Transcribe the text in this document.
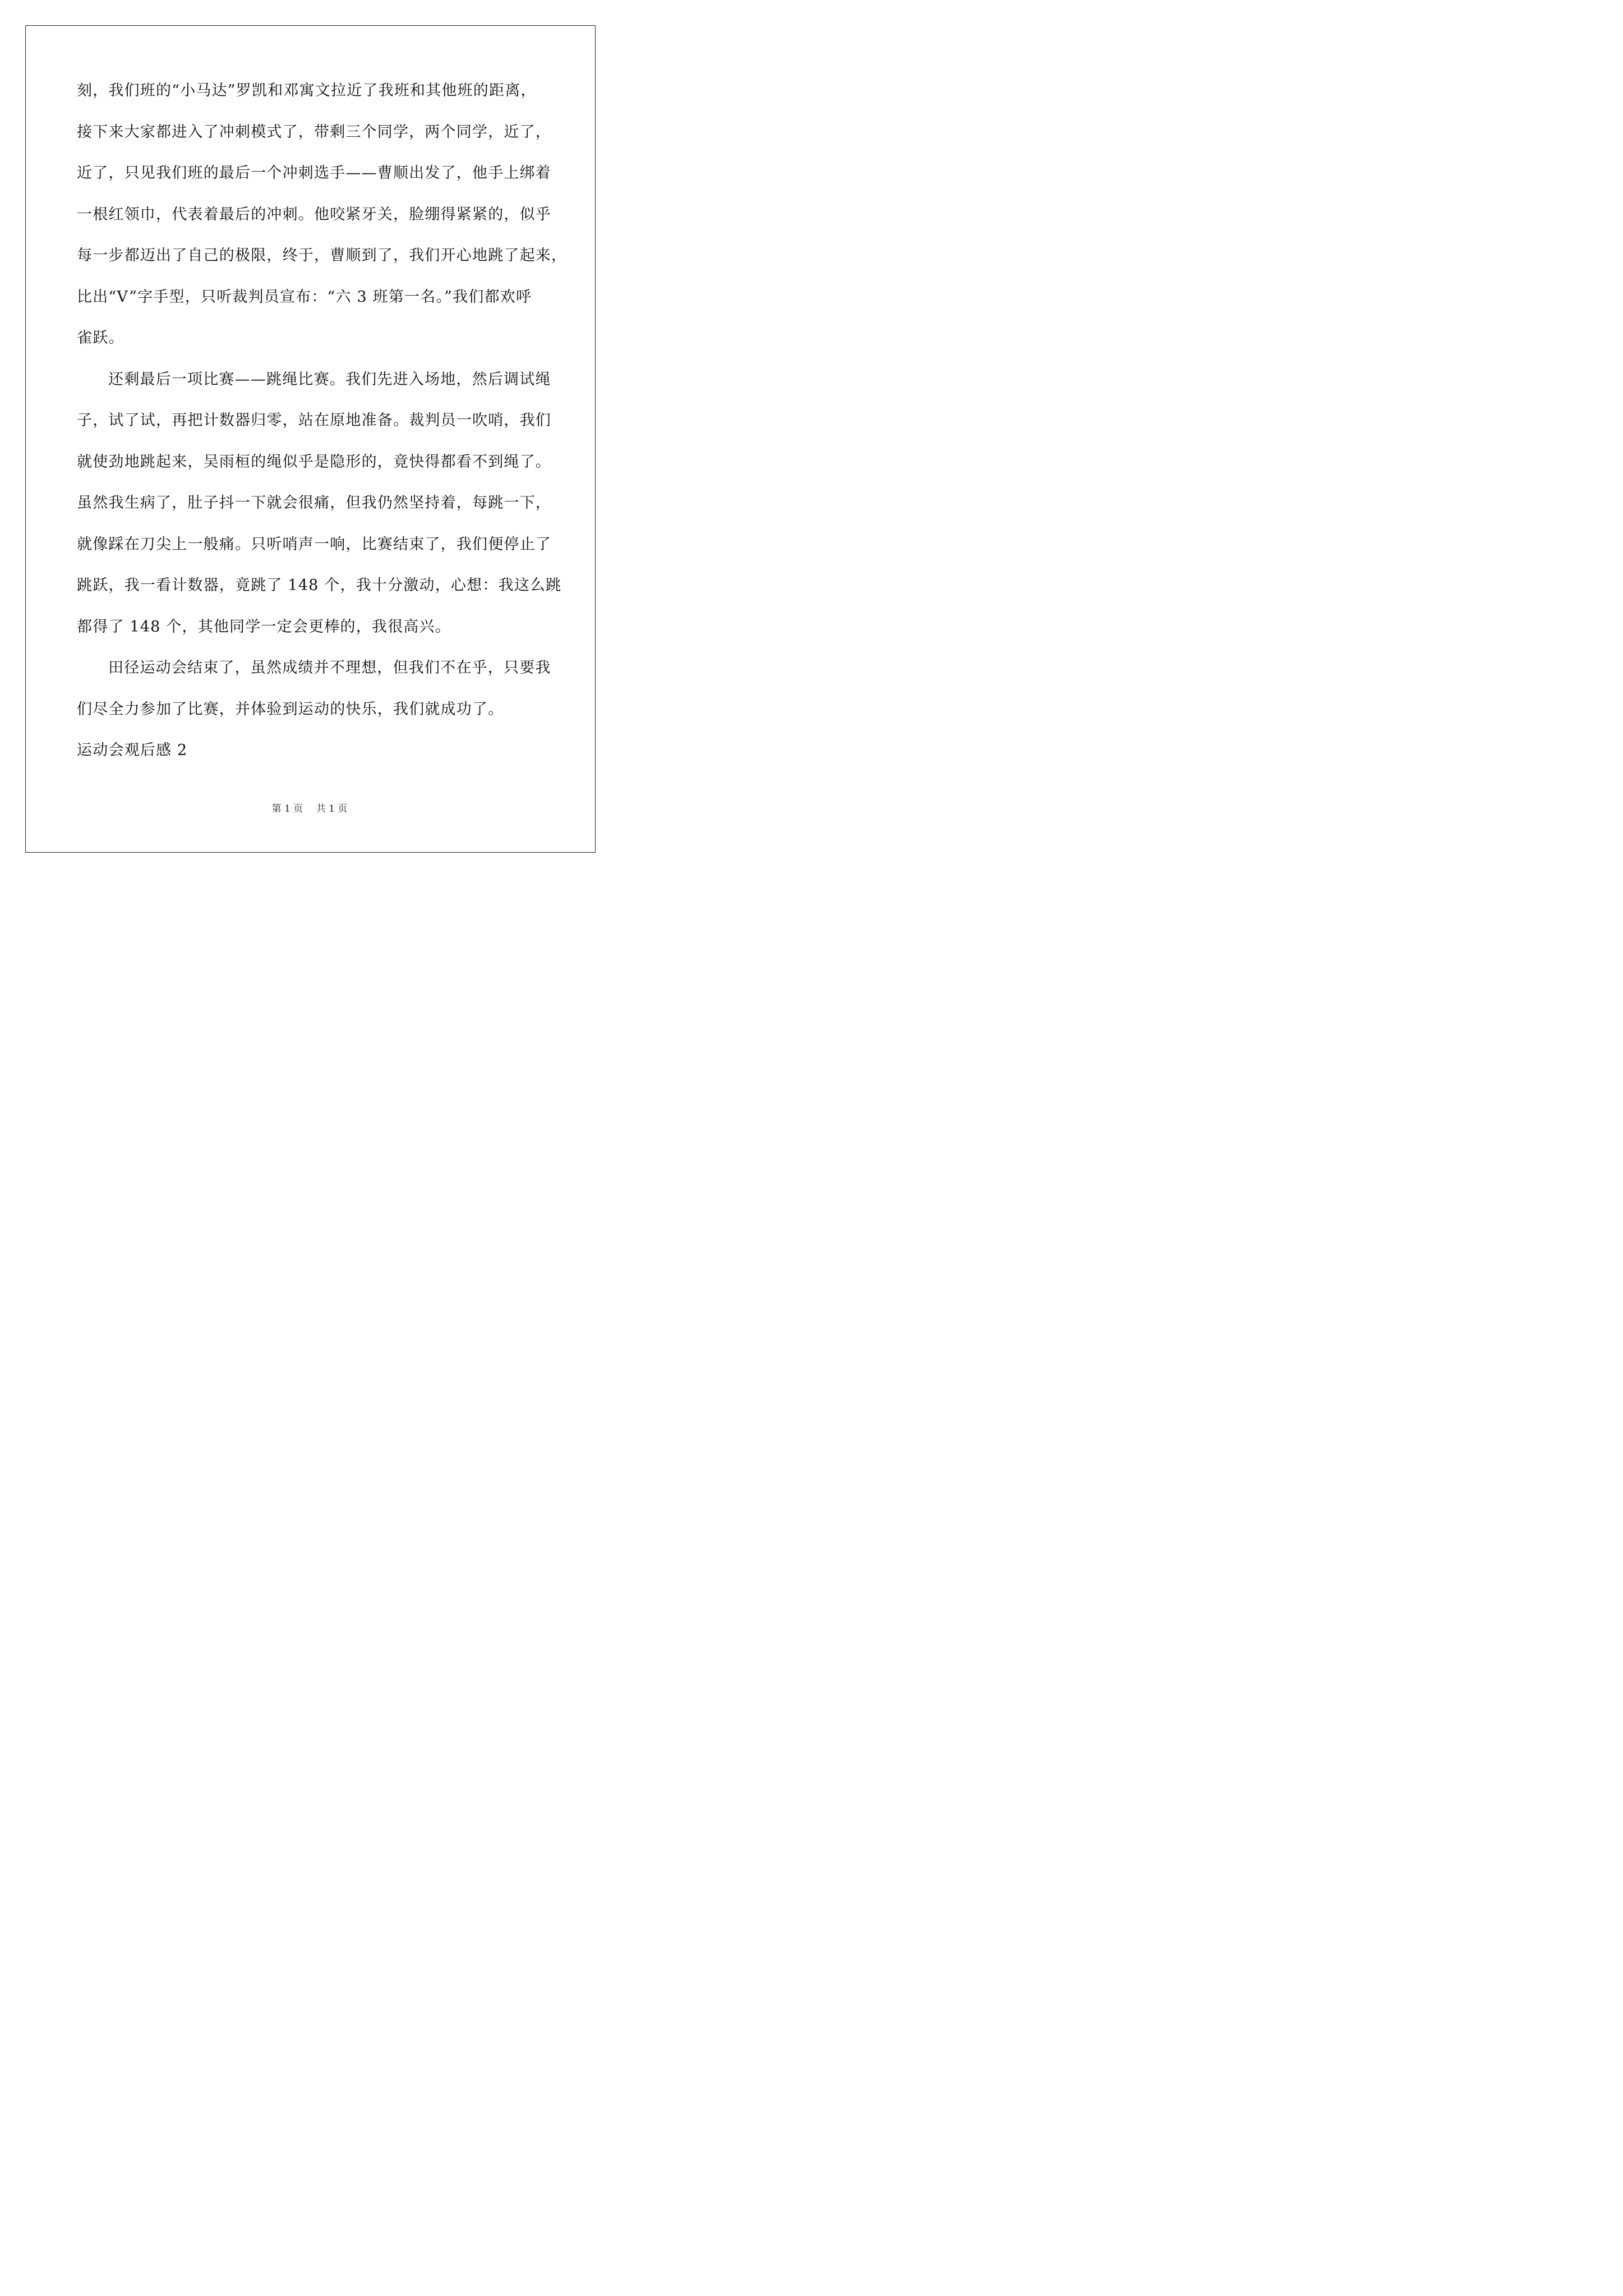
刻，我们班的“小马达”罗凯和邓寓文拉近了我班和其他班的距离，
接下来大家都进入了冲刺模式了，带剩三个同学，两个同学，近了，
近了，只见我们班的最后一个冲刺选手——曹顺出发了，他手上绑着
一根红领巾，代表着最后的冲刺。他咬紧牙关，脸绷得紧紧的，似乎
每一步都迈出了自己的极限，终于，曹顺到了，我们开心地跳了起来，
比出“V”字手型，只听裁判员宣布：“六 3 班第一名。”我们都欢呼
雀跃。
还剩最后一项比赛——跳绳比赛。我们先进入场地，然后调试绳
子，试了试，再把计数器归零，站在原地准备。裁判员一吹哨，我们
就使劲地跳起来，吴雨桓的绳似乎是隐形的，竟快得都看不到绳了。
虽然我生病了，肚子抖一下就会很痛，但我仍然坚持着，每跳一下，
就像踩在刀尖上一般痛。只听哨声一响，比赛结束了，我们便停止了
跳跃，我一看计数器，竟跳了 148 个，我十分激动，心想：我这么跳
都得了 148 个，其他同学一定会更棒的，我很高兴。
田径运动会结束了，虽然成绩并不理想，但我们不在乎，只要我
们尽全力参加了比赛，并体验到运动的快乐，我们就成功了。
运动会观后感 2
第 1 页 共 1 页
